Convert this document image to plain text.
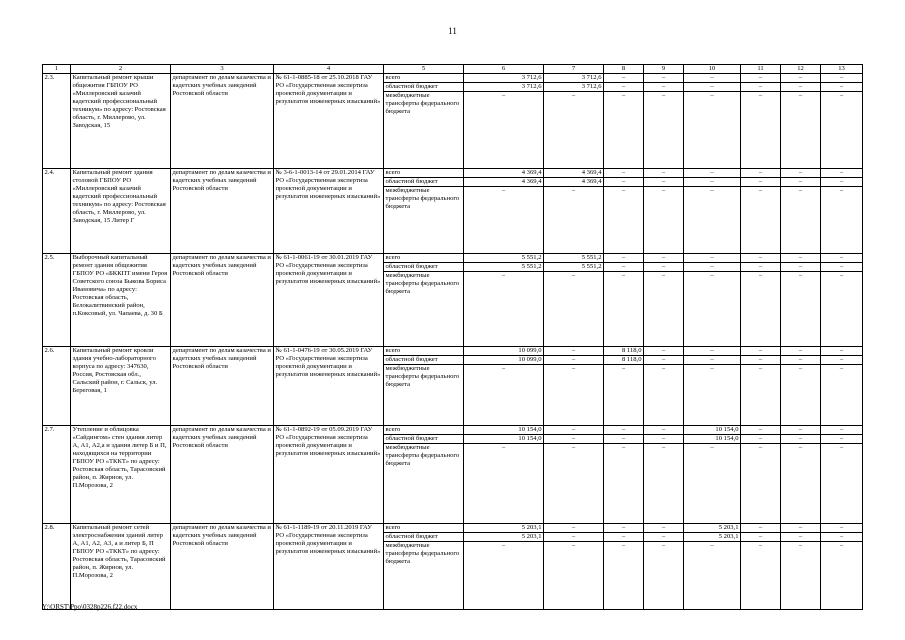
11
1	2	3	4	5	6	7	8	9	10	11	12	13
2.3.	Капитальный ремонт крыши общежития ГБПОУ РО «Миллеровский казачий кадетский профессиональный техникум» по адресу: Ростовская область, г. Миллерово, ул. Заводская, 15	департамент по делам казачества и кадетских учебных заведений Ростовской области	№ 61-1-0885-18 от 25.10.2018 ГАУ РО «Государственная экспертиза проектной документации и результатов инженерных изысканий»	всего	3 712,6	3 712,6	–	–	–	–	–	–
				областной бюджет	3 712,6	3 712,6	–	–	–	–	–	–
				межбюджетные трансферты федерального бюджета	–	–	–	–	–	–	–	–
2.4.	Капитальный ремонт здания столовой ГБПОУ РО «Миллеровский казачий кадетский профессиональный техникум» по адресу: Ростовская область, г. Миллерово, ул. Заводская, 15 Литер Г	департамент по делам казачества и кадетских учебных заведений Ростовской области	№ 3-6-1-0013-14 от 29.01.2014 ГАУ РО «Государственная экспертиза проектной документации и результатов инженерных изысканий»	всего	4 369,4	4 369,4	–	–	–	–	–	–
				областной бюджет	4 369,4	4 369,4	–	–	–	–	–	–
				межбюджетные трансферты федерального бюджета	–	–	–	–	–	–	–	–
2.5.	Выборочный капитальный ремонт здания общежития ГБПОУ РО «БККПТ имени Героя Советского союза Быкова Бориса Ивановича» по адресу: Ростовская область, Белокалитвинский район, п.Коксовый, ул. Чапаева, д. 30 Б	департамент по делам казачества и кадетских учебных заведений Ростовской области	№ 61-1-0061-19 от 30.01.2019 ГАУ РО «Государственная экспертиза проектной документации и результатов инженерных изысканий»	всего	5 551,2	5 551,2	–	–	–	–	–	–
				областной бюджет	5 551,2	5 551,2	–	–	–	–	–	–
				межбюджетные трансферты федерального бюджета	–	–	–	–	–	–	–	–
2.6.	Капитальный ремонт кровли здания учебно-лабораторного корпуса по адресу: 347630, Россия, Ростовская обл., Сальский район, г. Сальск, ул. Береговая, 1	департамент по делам казачества и кадетских учебных заведений Ростовской области	№ 61-1-0476-19 от 30.05.2019 ГАУ РО «Государственная экспертиза проектной документации и результатов инженерных изысканий»	всего	10 099,0	–	8 118,0	–	–	–	–	–
				областной бюджет	10 099,0	–	8 118,0	–	–	–	–	–
				межбюджетные трансферты федерального бюджета	–	–	–	–	–	–	–	–
2.7.	Утепление и облицовка «Сайдингом» стен здания литер А, А1, А2,а и здания литер Б и П, находящихся на территории ГБПОУ РО «ТККТ» по адресу: Ростовская область, Тарасовский район, п. Жирнов, ул. П.Морозова, 2	департамент по делам казачества и кадетских учебных заведений Ростовской области	№ 61-1-0892-19 от 05.09.2019 ГАУ РО «Государственная экспертиза проектной документации и результатов инженерных изысканий»	всего	10 154,0	–	–	–	10 154,0	–	–	–
				областной бюджет	10 154,0	–	–	–	10 154,0	–	–	–
				межбюджетные трансферты федерального бюджета	–	–	–	–	–	–	–	–
2.8.	Капитальный ремонт сетей электроснабжения зданий литер А, А1, А2, А3, а и литер Б, П ГБПОУ РО «ТККТ» по адресу: Ростовская область, Тарасовский район, п. Жирнов, ул. П.Морозова, 2	департамент по делам казачества и кадетских учебных заведений Ростовской области	№ 61-1-1189-19 от 20.11.2019 ГАУ РО «Государственная экспертиза проектной документации и результатов инженерных изысканий»	всего	5 203,1	–	–	–	5 203,1	–	–	–
				областной бюджет	5 203,1	–	–	–	5 203,1	–	–	–
				межбюджетные трансферты федерального бюджета	–	–	–	–	–	–	–	–
Y:\ORST\Ppo\0328p226.f22.docx
